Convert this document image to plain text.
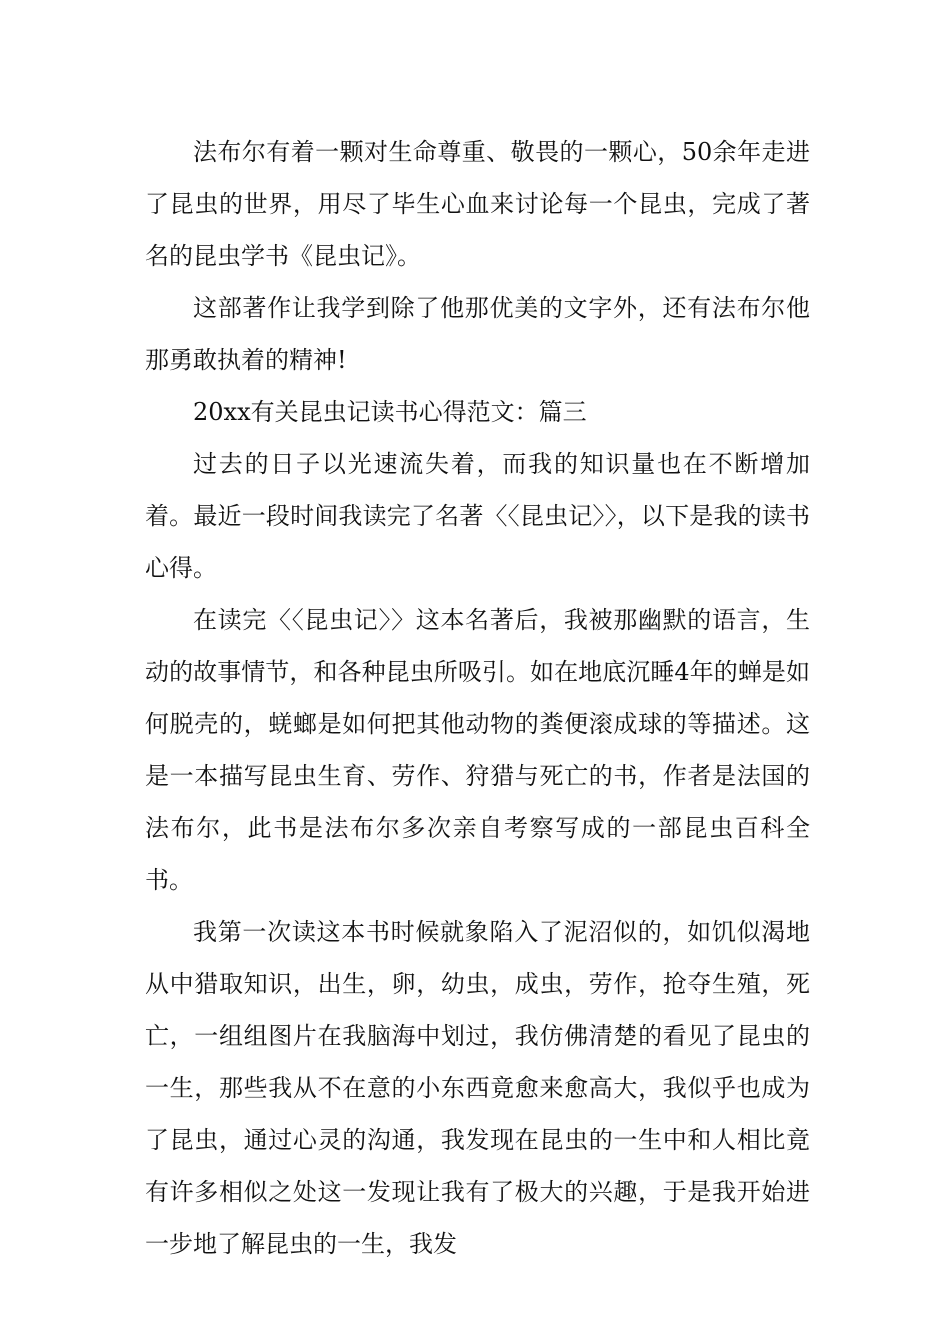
法布尔有着一颗对生命尊重、敬畏的一颗心，50余年走进了昆虫的世界，用尽了毕生心血来讨论每一个昆虫，完成了著名的昆虫学书《昆虫记》。

这部著作让我学到除了他那优美的文字外，还有法布尔他那勇敢执着的精神!

20xx有关昆虫记读书心得范文：篇三

过去的日子以光速流失着，而我的知识量也在不断增加着。最近一段时间我读完了名著〈〈昆虫记〉〉，以下是我的读书心得。

在读完〈〈昆虫记〉〉这本名著后，我被那幽默的语言，生动的故事情节，和各种昆虫所吸引。如在地底沉睡4年的蝉是如何脱壳的，蜣螂是如何把其他动物的粪便滚成球的等描述。这是一本描写昆虫生育、劳作、狩猎与死亡的书，作者是法国的法布尔，此书是法布尔多次亲自考察写成的一部昆虫百科全书。

我第一次读这本书时候就象陷入了泥沼似的，如饥似渴地从中猎取知识，出生，卵，幼虫，成虫，劳作，抢夺生殖，死亡，一组组图片在我脑海中划过，我仿佛清楚的看见了昆虫的一生，那些我从不在意的小东西竟愈来愈高大，我似乎也成为了昆虫，通过心灵的沟通，我发现在昆虫的一生中和人相比竟有许多相似之处这一发现让我有了极大的兴趣，于是我开始进一步地了解昆虫的一生，我发
